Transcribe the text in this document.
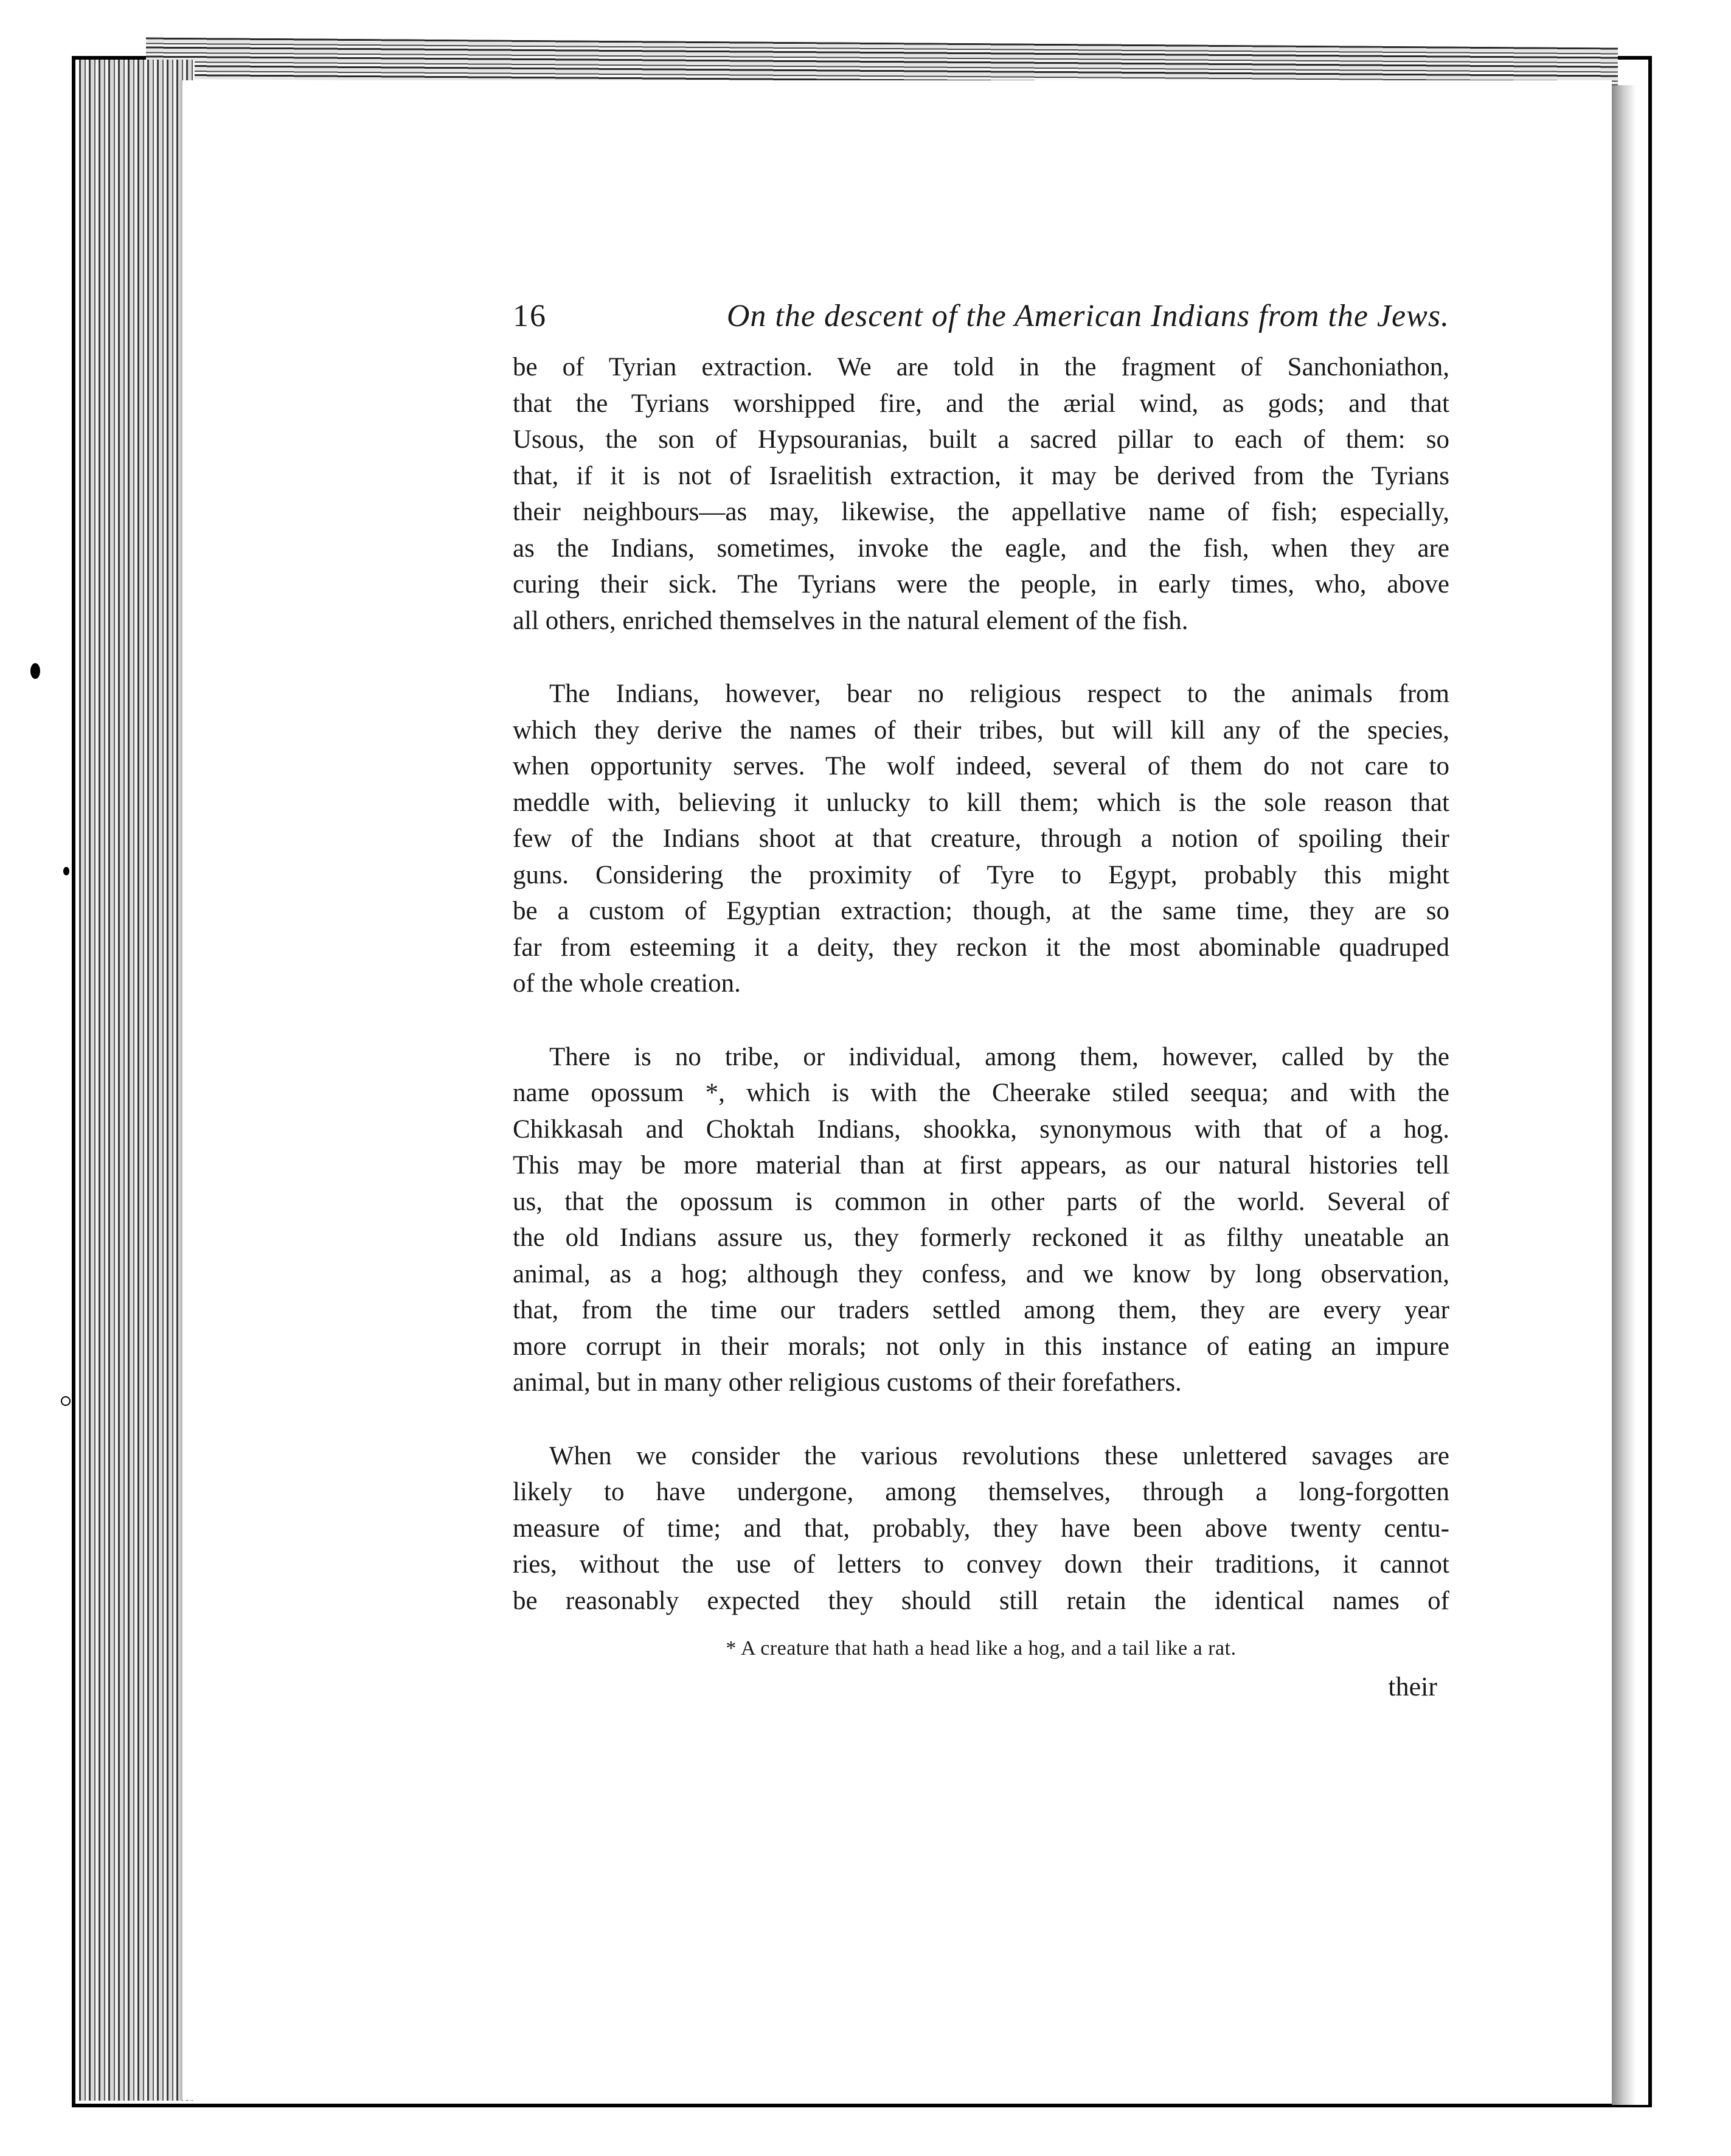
16	On the descent of the American Indians from the Jews.
be of Tyrian extraction. We are told in the fragment of Sanchoniathon,
that the Tyrians worshipped fire, and the ærial wind, as gods; and that
Usous, the son of Hypsouranias, built a sacred pillar to each of them: so
that, if it is not of Israelitish extraction, it may be derived from the Tyrians
their neighbours—as may, likewise, the appellative name of fish; especially,
as the Indians, sometimes, invoke the eagle, and the fish, when they are
curing their sick. The Tyrians were the people, in early times, who, above
all others, enriched themselves in the natural element of the fish.
The Indians, however, bear no religious respect to the animals from
which they derive the names of their tribes, but will kill any of the species,
when opportunity serves. The wolf indeed, several of them do not care to
meddle with, believing it unlucky to kill them; which is the sole reason that
few of the Indians shoot at that creature, through a notion of spoiling their
guns. Considering the proximity of Tyre to Egypt, probably this might
be a custom of Egyptian extraction; though, at the same time, they are so
far from esteeming it a deity, they reckon it the most abominable quadruped
of the whole creation.
There is no tribe, or individual, among them, however, called by the
name opossum *, which is with the Cheerake stiled seequa; and with the
Chikkasah and Choktah Indians, shookka, synonymous with that of a hog.
This may be more material than at first appears, as our natural histories tell
us, that the opossum is common in other parts of the world. Several of
the old Indians assure us, they formerly reckoned it as filthy uneatable an
animal, as a hog; although they confess, and we know by long observation,
that, from the time our traders settled among them, they are every year
more corrupt in their morals; not only in this instance of eating an impure
animal, but in many other religious customs of their forefathers.
When we consider the various revolutions these unlettered savages are
likely to have undergone, among themselves, through a long-forgotten
measure of time; and that, probably, they have been above twenty centu-
ries, without the use of letters to convey down their traditions, it cannot
be reasonably expected they should still retain the identical names of
* A creature that hath a head like a hog, and a tail like a rat.
their
